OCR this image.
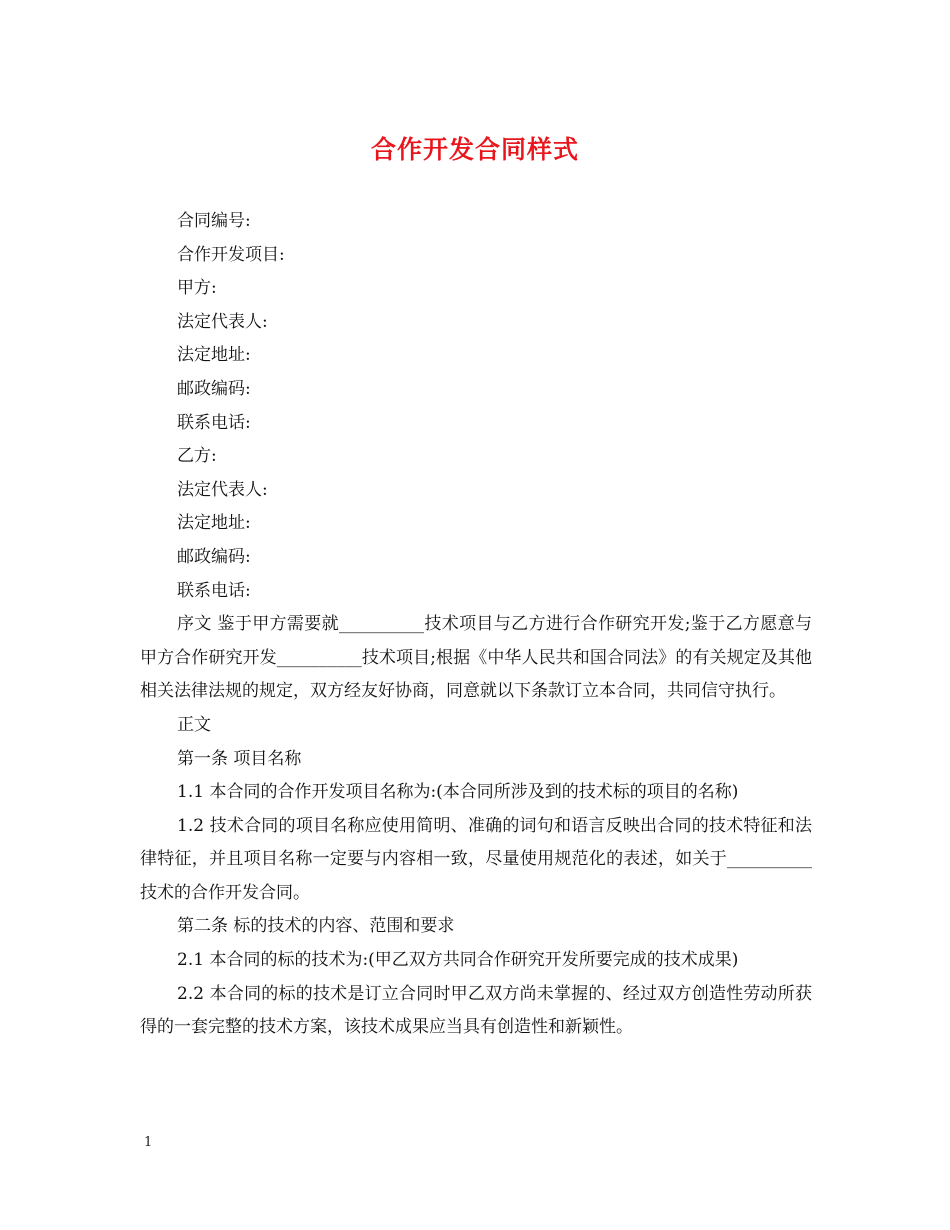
合作开发合同样式

合同编号:

合作开发项目:

甲方:

法定代表人:

法定地址:

邮政编码:

联系电话:

乙方:

法定代表人:

法定地址:

邮政编码:

联系电话:

序文 鉴于甲方需要就__________技术项目与乙方进行合作研究开发;鉴于乙方愿意与甲方合作研究开发__________技术项目;根据《中华人民共和国合同法》的有关规定及其他相关法律法规的规定，双方经友好协商，同意就以下条款订立本合同，共同信守执行。

正文

第一条 项目名称

1.1 本合同的合作开发项目名称为:(本合同所涉及到的技术标的项目的名称)

1.2 技术合同的项目名称应使用简明、准确的词句和语言反映出合同的技术特征和法律特征，并且项目名称一定要与内容相一致，尽量使用规范化的表述，如关于__________技术的合作开发合同。

第二条 标的技术的内容、范围和要求

2.1 本合同的标的技术为:(甲乙双方共同合作研究开发所要完成的技术成果)

2.2 本合同的标的技术是订立合同时甲乙双方尚未掌握的、经过双方创造性劳动所获得的一套完整的技术方案，该技术成果应当具有创造性和新颖性。

1
